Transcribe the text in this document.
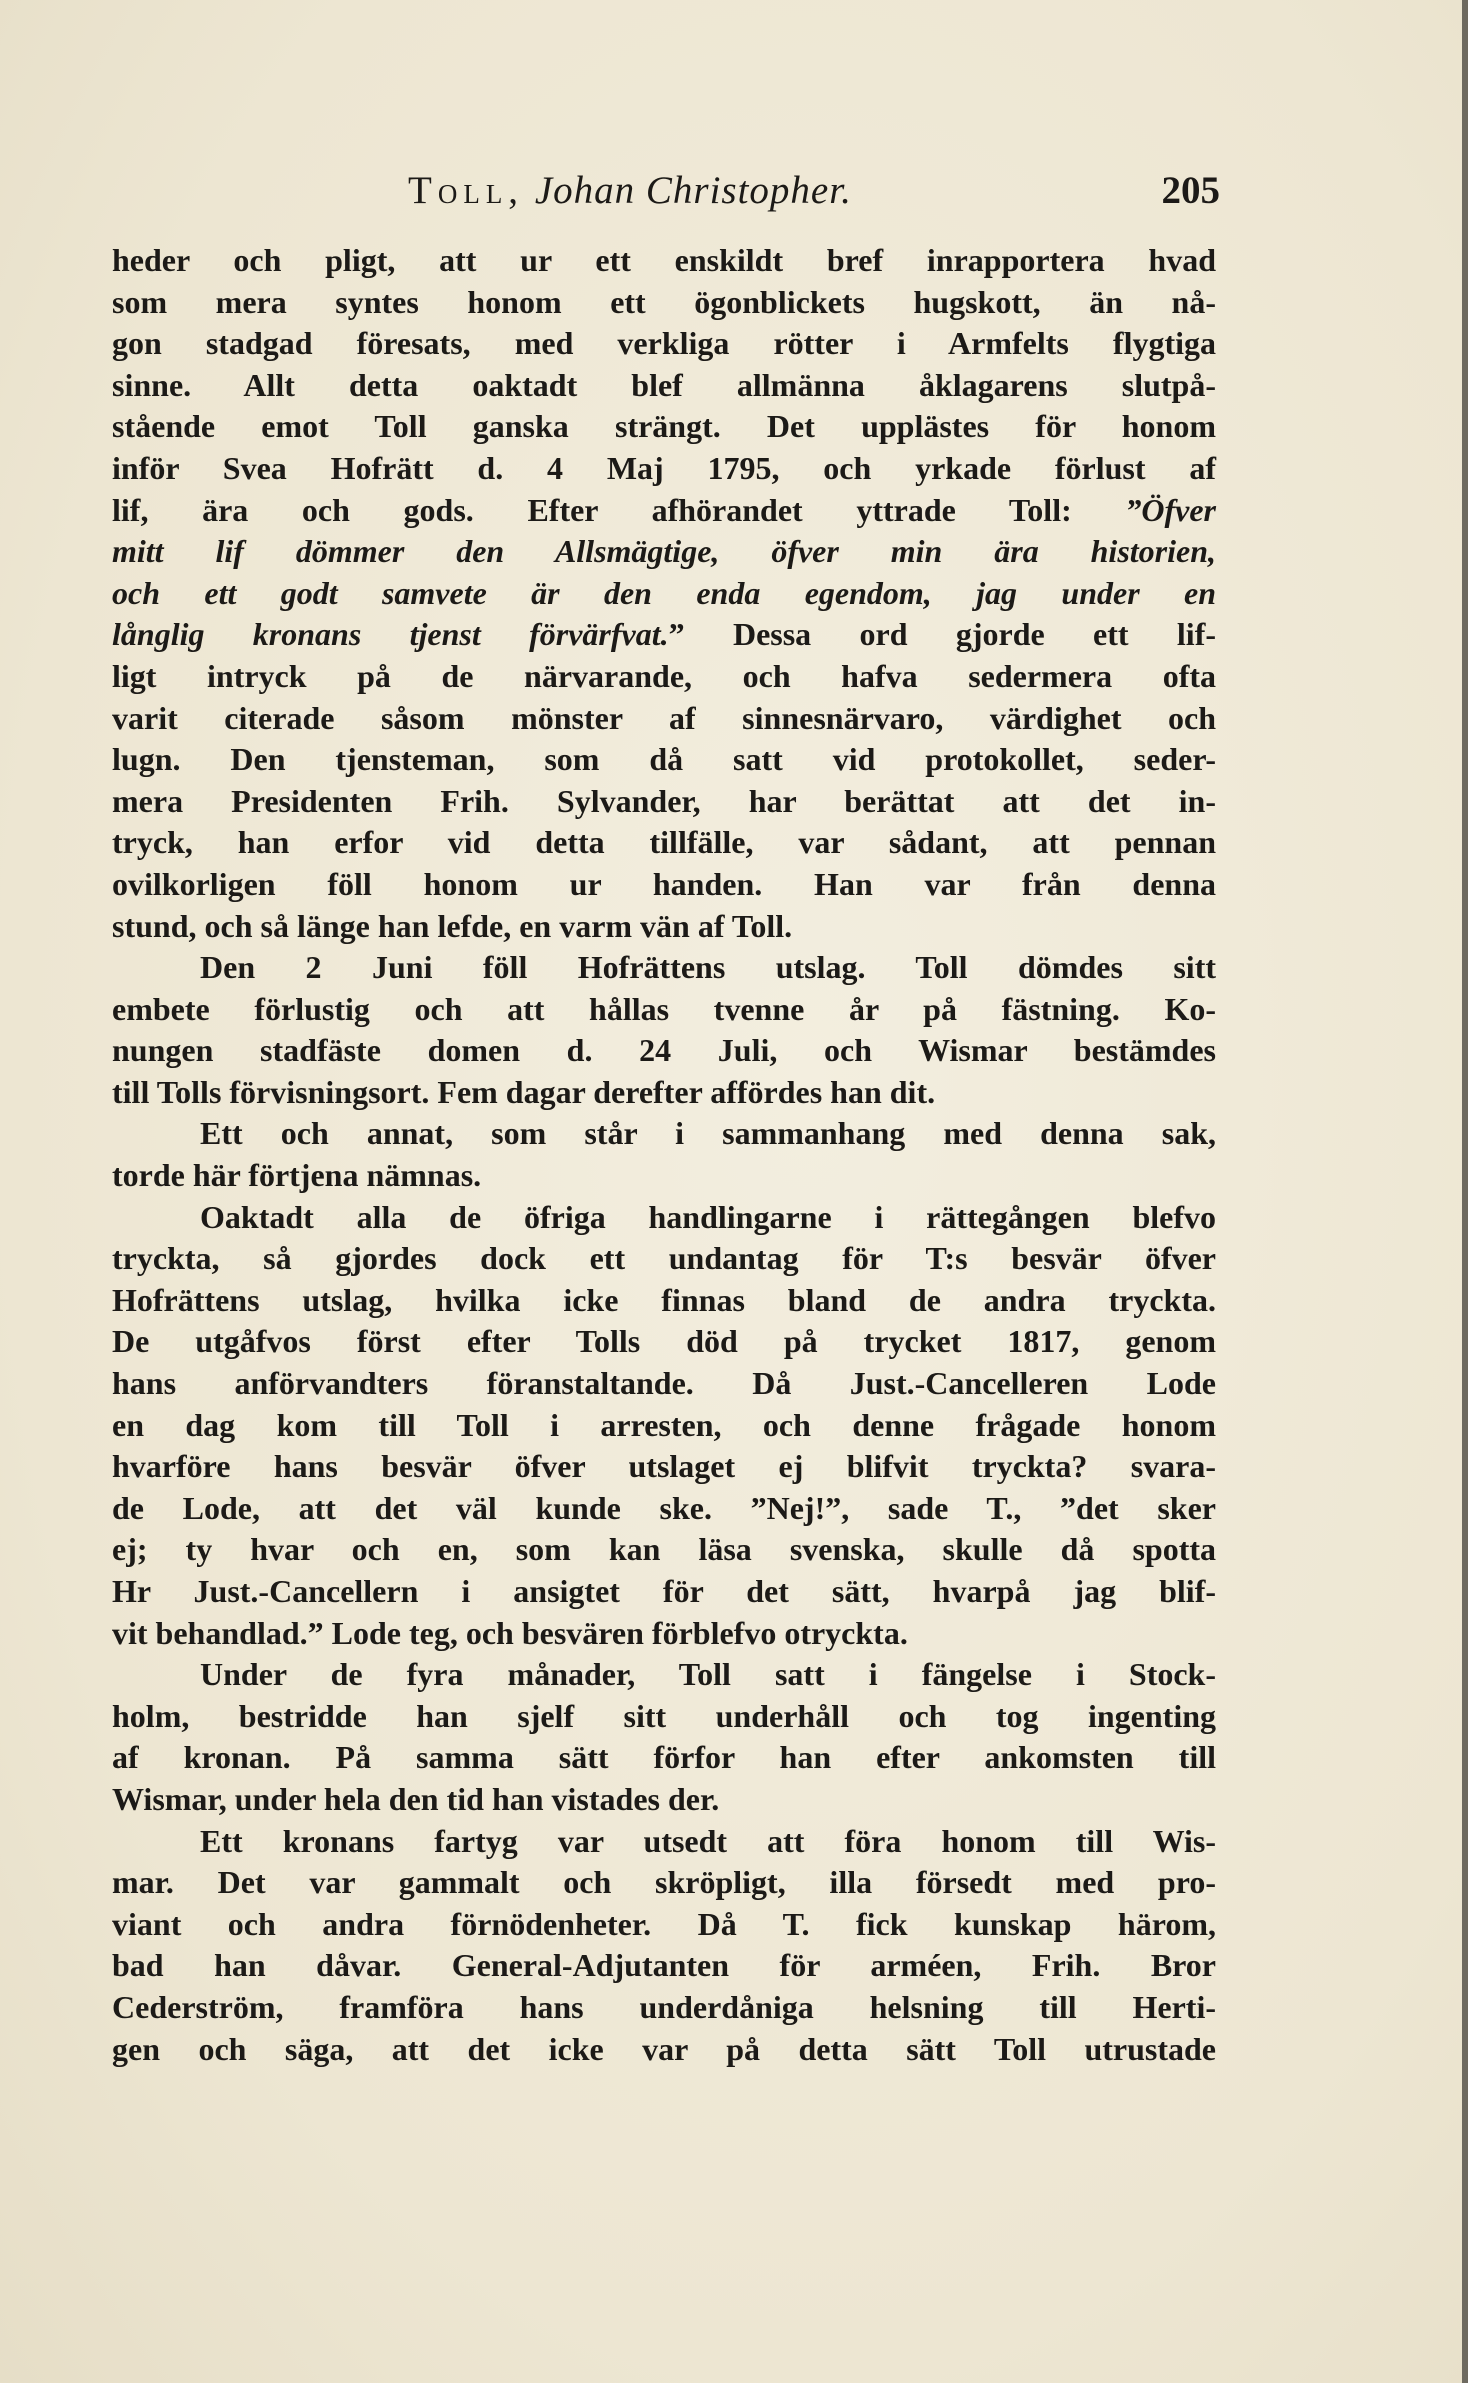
Toll, Johan Christopher.	205
heder och pligt, att ur ett enskildt bref inrapportera hvad
som mera syntes honom ett ögonblickets hugskott, än nå-
gon stadgad föresats, med verkliga rötter i Armfelts flygtiga
sinne. Allt detta oaktadt blef allmänna åklagarens slutpå-
stående emot Toll ganska strängt. Det upplästes för honom
inför Svea Hofrätt d. 4 Maj 1795, och yrkade förlust af
lif, ära och gods. Efter afhörandet yttrade Toll: ”Öfver
mitt lif dömmer den Allsmägtige, öfver min ära historien,
och ett godt samvete är den enda egendom, jag under en
långlig kronans tjenst förvärfvat.” Dessa ord gjorde ett lif-
ligt intryck på de närvarande, och hafva sedermera ofta
varit citerade såsom mönster af sinnesnärvaro, värdighet och
lugn. Den tjensteman, som då satt vid protokollet, seder-
mera Presidenten Frih. Sylvander, har berättat att det in-
tryck, han erfor vid detta tillfälle, var sådant, att pennan
ovilkorligen föll honom ur handen. Han var från denna
stund, och så länge han lefde, en varm vän af Toll.
Den 2 Juni föll Hofrättens utslag. Toll dömdes sitt
embete förlustig och att hållas tvenne år på fästning. Ko-
nungen stadfäste domen d. 24 Juli, och Wismar bestämdes
till Tolls förvisningsort. Fem dagar derefter affördes han dit.
Ett och annat, som står i sammanhang med denna sak,
torde här förtjena nämnas.
Oaktadt alla de öfriga handlingarne i rättegången blefvo
tryckta, så gjordes dock ett undantag för T:s besvär öfver
Hofrättens utslag, hvilka icke finnas bland de andra tryckta.
De utgåfvos först efter Tolls död på trycket 1817, genom
hans anförvandters föranstaltande. Då Just.-Cancelleren Lode
en dag kom till Toll i arresten, och denne frågade honom
hvarföre hans besvär öfver utslaget ej blifvit tryckta? svara-
de Lode, att det väl kunde ske. ”Nej!”, sade T., ”det sker
ej; ty hvar och en, som kan läsa svenska, skulle då spotta
Hr Just.-Cancellern i ansigtet för det sätt, hvarpå jag blif-
vit behandlad.” Lode teg, och besvären förblefvo otryckta.
Under de fyra månader, Toll satt i fängelse i Stock-
holm, bestridde han sjelf sitt underhåll och tog ingenting
af kronan. På samma sätt förfor han efter ankomsten till
Wismar, under hela den tid han vistades der.
Ett kronans fartyg var utsedt att föra honom till Wis-
mar. Det var gammalt och skröpligt, illa försedt med pro-
viant och andra förnödenheter. Då T. fick kunskap härom,
bad han dåvar. General-Adjutanten för arméen, Frih. Bror
Cederström, framföra hans underdåniga helsning till Herti-
gen och säga, att det icke var på detta sätt Toll utrustade
